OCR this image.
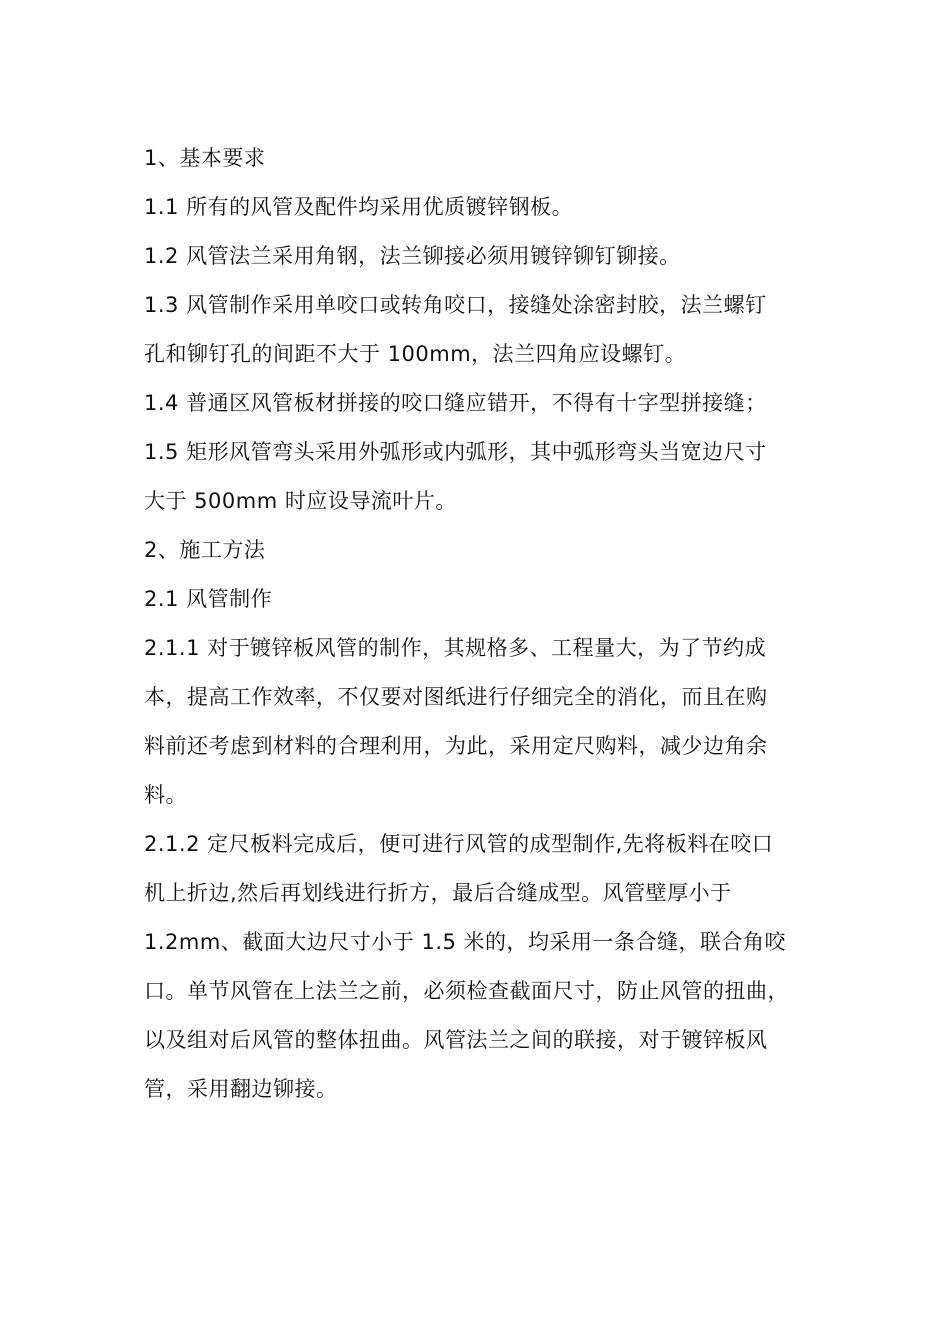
1、基本要求
1.1 所有的风管及配件均采用优质镀锌钢板。
1.2 风管法兰采用角钢，法兰铆接必须用镀锌铆钉铆接。
1.3 风管制作采用单咬口或转角咬口，接缝处涂密封胶，法兰螺钉
孔和铆钉孔的间距不大于 100mm，法兰四角应设螺钉。
1.4 普通区风管板材拼接的咬口缝应错开，不得有十字型拼接缝；
1.5 矩形风管弯头采用外弧形或内弧形，其中弧形弯头当宽边尺寸
大于 500mm 时应设导流叶片。
2、施工方法
2.1 风管制作
2.1.1 对于镀锌板风管的制作，其规格多、工程量大，为了节约成
本，提高工作效率，不仅要对图纸进行仔细完全的消化，而且在购
料前还考虑到材料的合理利用，为此，采用定尺购料，减少边角余
料。
2.1.2 定尺板料完成后，便可进行风管的成型制作,先将板料在咬口
机上折边,然后再划线进行折方，最后合缝成型。风管壁厚小于
1.2mm、截面大边尺寸小于 1.5 米的，均采用一条合缝，联合角咬
口。单节风管在上法兰之前，必须检查截面尺寸，防止风管的扭曲，
以及组对后风管的整体扭曲。风管法兰之间的联接，对于镀锌板风
管，采用翻边铆接。
